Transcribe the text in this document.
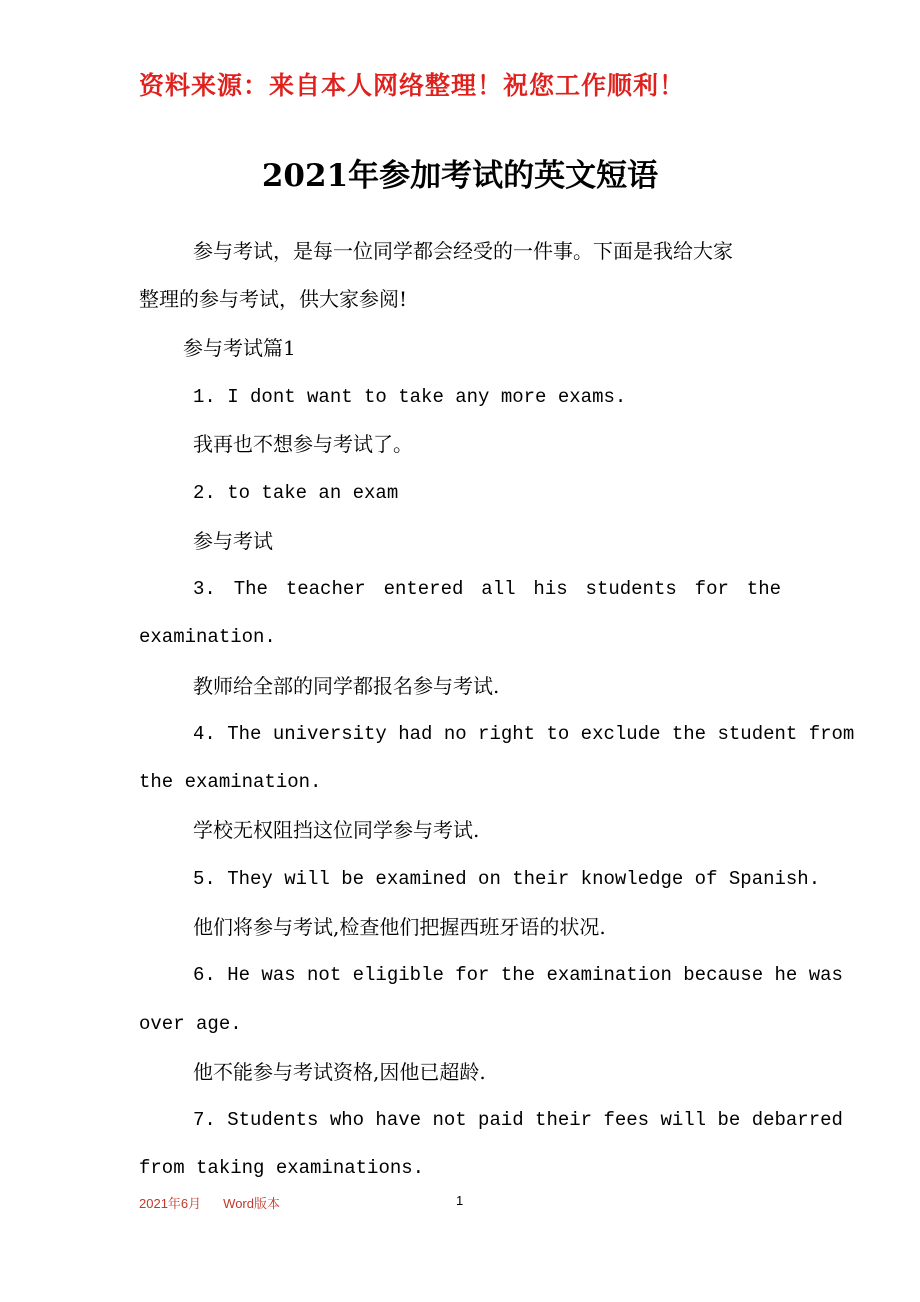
资料来源：来自本人网络整理！祝您工作顺利！
2021年参加考试的英文短语
参与考试，是每一位同学都会经受的一件事。下面是我给大家
整理的参与考试，供大家参阅!
参与考试篇1
1. I dont want to take any more exams.
我再也不想参与考试了。
2. to take an exam
参与考试
3. The teacher entered all his students for the
examination.
教师给全部的同学都报名参与考试.
4. The university had no right to exclude the student from
the examination.
学校无权阻挡这位同学参与考试.
5. They will be examined on their knowledge of Spanish.
他们将参与考试,检查他们把握西班牙语的状况.
6. He was not eligible for the examination because he was
over age.
他不能参与考试资格,因他已超龄.
7. Students who have not paid their fees will be debarred
from taking examinations.
2021年6月 Word版本	1
